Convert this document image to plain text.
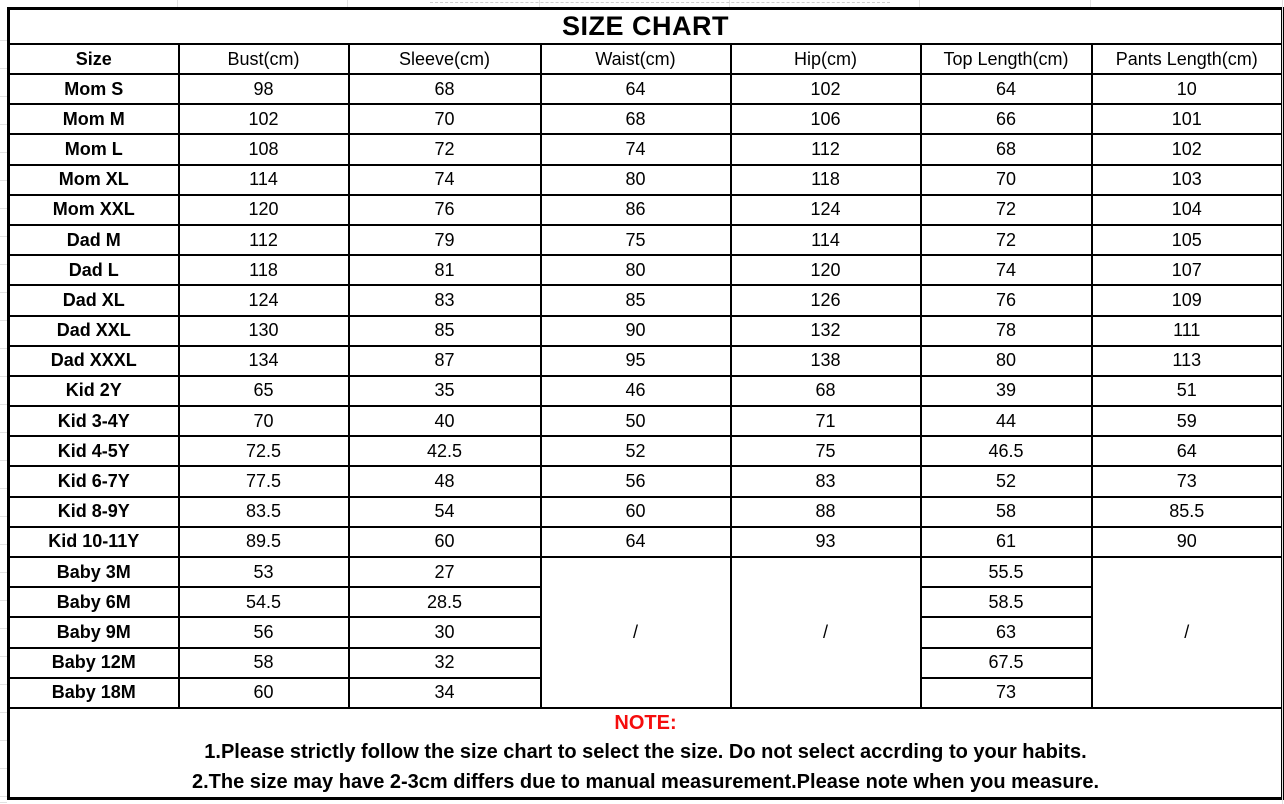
SIZE CHART						
Size	Bust(cm)	Sleeve(cm)	Waist(cm)	Hip(cm)	Top Length(cm)	Pants Length(cm)
Mom S	98	68	64	102	64	10
Mom M	102	70	68	106	66	101
Mom L	108	72	74	112	68	102
Mom XL	114	74	80	118	70	103
Mom XXL	120	76	86	124	72	104
Dad M	112	79	75	114	72	105
Dad L	118	81	80	120	74	107
Dad XL	124	83	85	126	76	109
Dad XXL	130	85	90	132	78	111
Dad XXXL	134	87	95	138	80	113
Kid 2Y	65	35	46	68	39	51
Kid 3-4Y	70	40	50	71	44	59
Kid 4-5Y	72.5	42.5	52	75	46.5	64
Kid 6-7Y	77.5	48	56	83	52	73
Kid 8-9Y	83.5	54	60	88	58	85.5
Kid 10-11Y	89.5	60	64	93	61	90
Baby 3M	53	27	/	/	55.5	/
Baby 6M	54.5	28.5			58.5	
Baby 9M	56	30			63	
Baby 12M	58	32			67.5	
Baby 18M	60	34			73	

NOTE:
1.Please strictly follow the size chart to select the size. Do not select accrding to your habits.
2.The size may have 2-3cm differs due to manual measurement.Please note when you measure.						
